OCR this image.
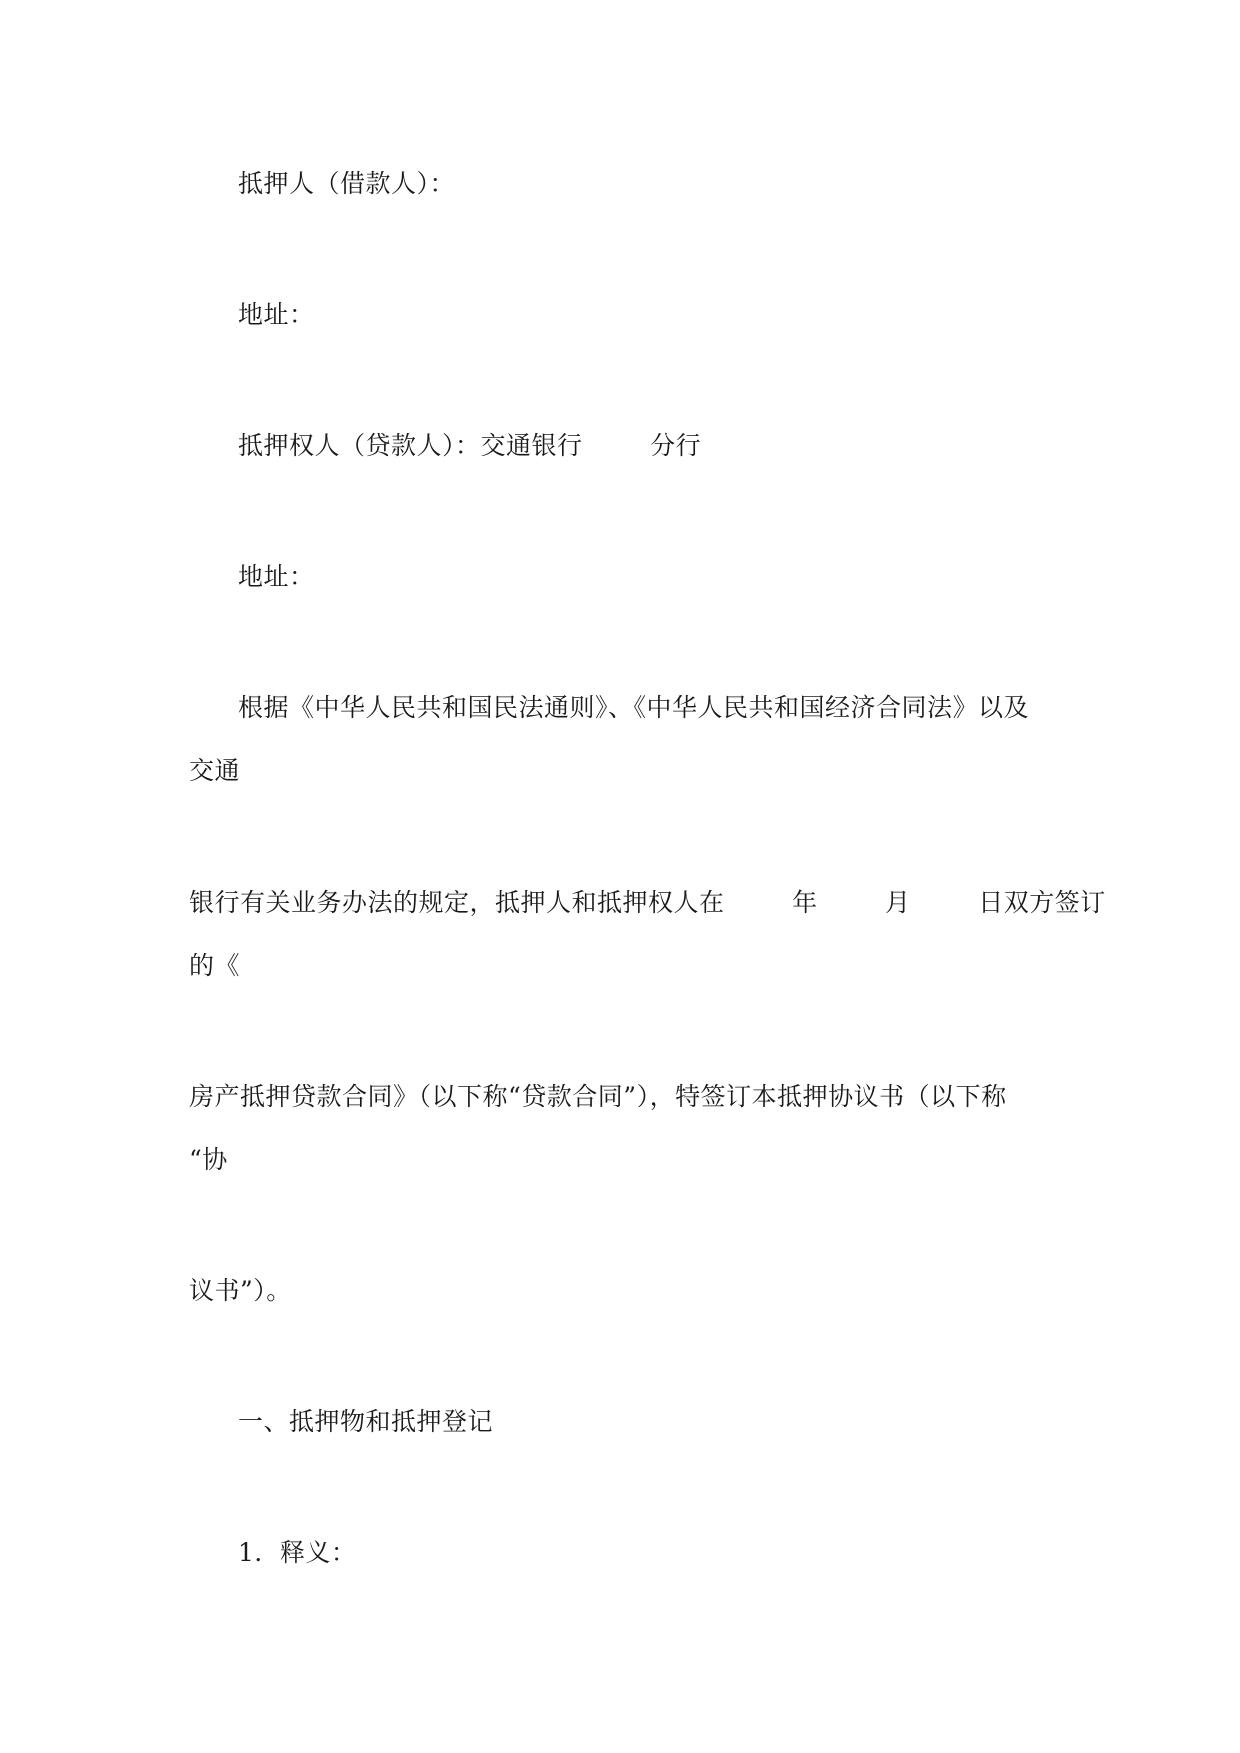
抵押人（借款人）：
地址：
抵押权人（贷款人）：交通银行        分行
地址：
根据《中华人民共和国民法通则》、《中华人民共和国经济合同法》以及
交通
银行有关业务办法的规定，抵押人和抵押权人在        年        月        日双方签订
的《
房产抵押贷款合同》（以下称“贷款合同”），特签订本抵押协议书（以下称
“协
议书”）。
一、抵押物和抵押登记
1．释义：
